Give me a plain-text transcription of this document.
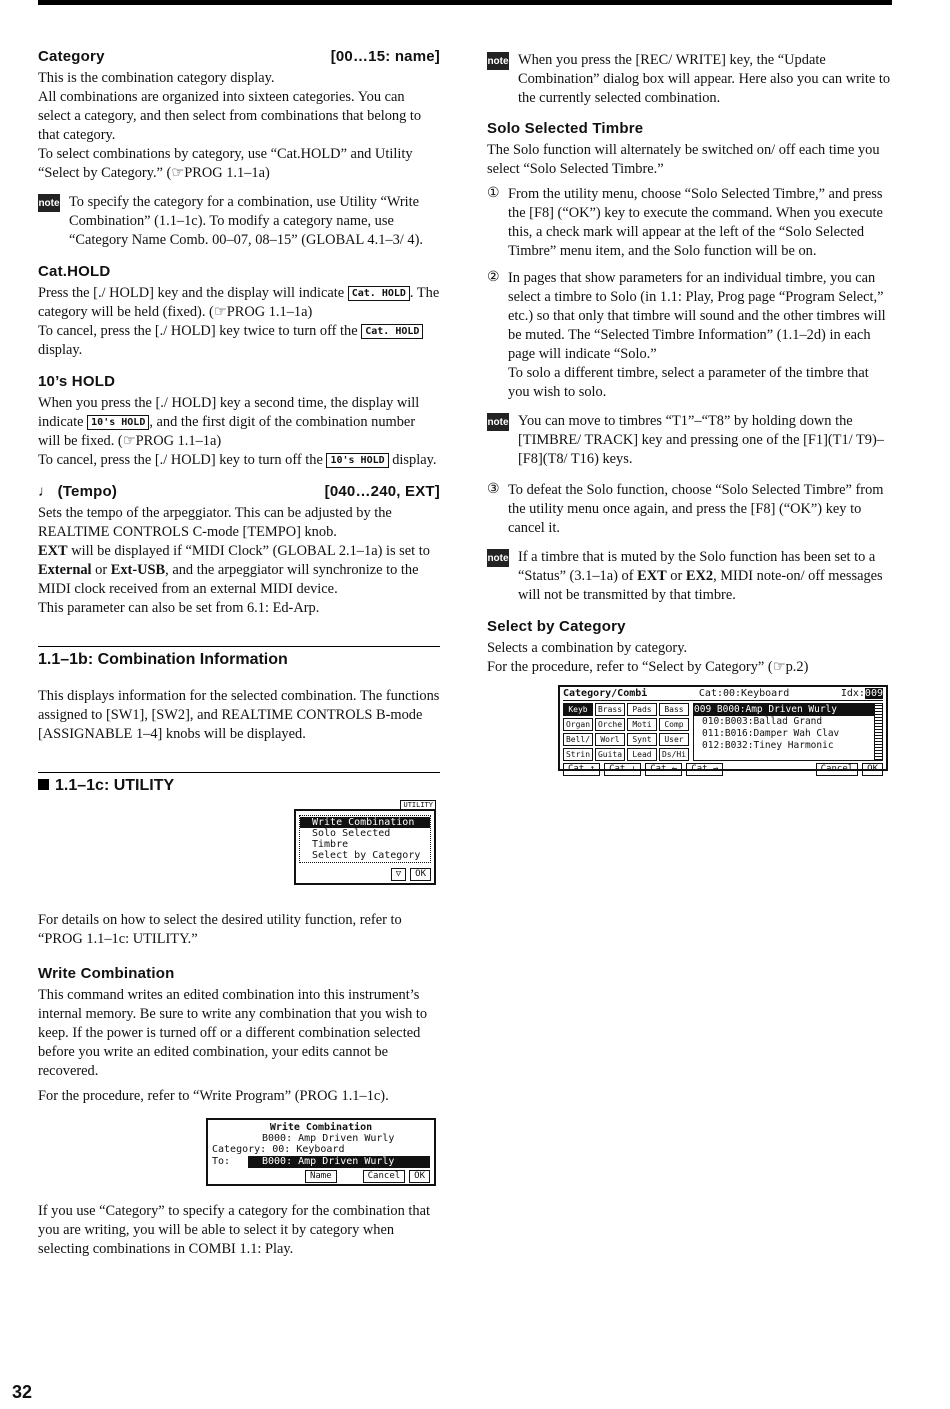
Category	[00…15: name]

This is the combination category display.

All combinations are organized into sixteen categories. You can select a category, and then select from combinations that belong to that category.

To select combinations by category, use “Cat.HOLD” and Utility “Select by Category.” (☞PROG 1.1–1a)

note To specify the category for a combination, use Utility “Write Combination” (1.1–1c). To modify a category name, use “Category Name Comb. 00–07, 08–15” (GLOBAL 4.1–3/ 4).

Cat.HOLD

Press the [./ HOLD] key and the display will indicate Cat. HOLD . The category will be held (fixed). (☞PROG 1.1–1a)

To cancel, press the [./ HOLD] key twice to turn off the Cat. HOLD display.

10’s HOLD

When you press the [./ HOLD] key a second time, the display will indicate 10's HOLD , and the first digit of the combination number will be fixed. (☞PROG 1.1–1a)

To cancel, press the [./ HOLD] key to turn off the 10's HOLD display.

♩ (Tempo)	[040…240, EXT]

Sets the tempo of the arpeggiator. This can be adjusted by the REALTIME CONTROLS C-mode [TEMPO] knob.

EXT will be displayed if “MIDI Clock” (GLOBAL 2.1–1a) is set to External or Ext-USB, and the arpeggiator will synchronize to the MIDI clock received from an external MIDI device.

This parameter can also be set from 6.1: Ed-Arp.

1.1–1b: Combination Information

This displays information for the selected combination. The functions assigned to [SW1], [SW2], and REALTIME CONTROLS B-mode [ASSIGNABLE 1–4] knobs will be displayed.

1.1–1c: UTILITY
UTILITY
Write Combination
Solo Selected Timbre
Select by Category
▽	OK

For details on how to select the desired utility function, refer to “PROG 1.1–1c: UTILITY.”

Write Combination

This command writes an edited combination into this instrument’s internal memory. Be sure to write any combination that you wish to keep. If the power is turned off or a different combination selected before you write an edited combination, your edits cannot be recovered.

For the procedure, refer to “Write Program” (PROG 1.1–1c).

Write Combination
B000: Amp Driven Wurly
Category: 00: Keyboard
To:	B000: Amp Driven Wurly
Name	Cancel	OK

If you use “Category” to specify a category for the combination that you are writing, you will be able to select it by category when selecting combinations in COMBI 1.1: Play.

note When you press the [REC/ WRITE] key, the “Update Combination” dialog box will appear. Here also you can write to the currently selected combination.

Solo Selected Timbre

The Solo function will alternately be switched on/ off each time you select “Solo Selected Timbre.”

① From the utility menu, choose “Solo Selected Timbre,” and press the [F8] (“OK”) key to execute the command. When you execute this, a check mark will appear at the left of the “Solo Selected Timbre” menu item, and the Solo function will be on.

② In pages that show parameters for an individual timbre, you can select a timbre to Solo (in 1.1: Play, Prog page “Program Select,” etc.) so that only that timbre will sound and the other timbres will be muted. The “Selected Timbre Information” (1.1–2d) in each page will indicate “Solo.”

To solo a different timbre, select a parameter of the timbre that you wish to solo.

note You can move to timbres “T1”–“T8” by holding down the [TIMBRE/ TRACK] key and pressing one of the [F1](T1/ T9)–[F8](T8/ T16) keys.

③ To defeat the Solo function, choose “Solo Selected Timbre” from the utility menu once again, and press the [F8] (“OK”) key to cancel it.

note If a timbre that is muted by the Solo function has been set to a “Status” (3.1–1a) of EXT or EX2, MIDI note-on/ off messages will not be transmitted by that timbre.

Select by Category

Selects a combination by category.

For the procedure, refer to “Select by Category” (☞p.2)

Category/Combi	Cat:00:Keyboard	Idx:009
Keyb	Brass	Pads	Bass
Organ Orche	Moti	Comp
Bell/	Worl	Synt	User
Strin Guita	Lead	Ds/Hi
009 B000:Amp Driven Wurly
010:B003:Ballad Grand
011:B016:Damper Wah Clav
012:B032:Tiney Harmonic
Cat ↑	Cat ↓	Cat ←	Cat →	Cancel	OK
32
